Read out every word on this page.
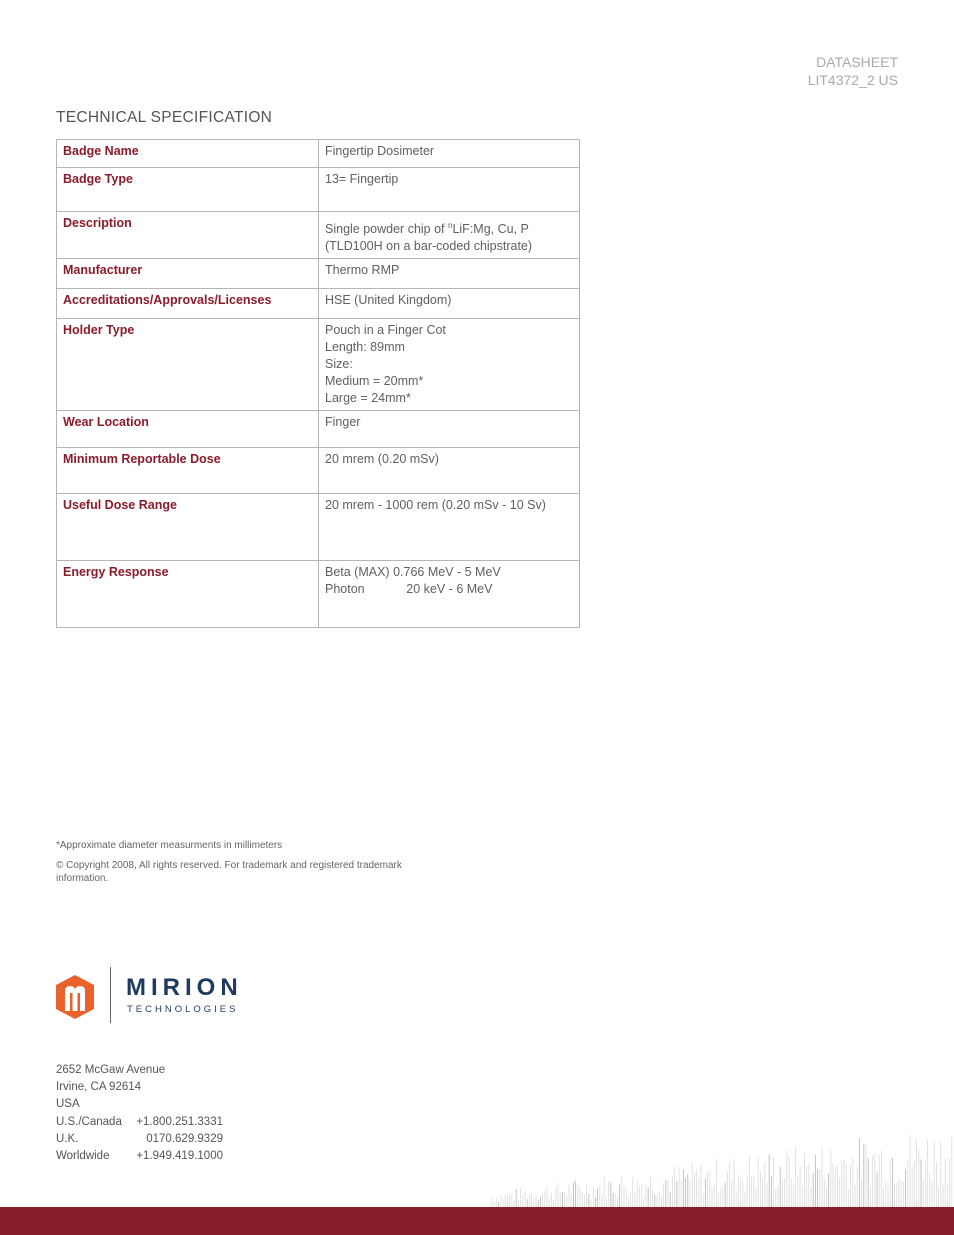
DATASHEET
LIT4372_2 US
TECHNICAL SPECIFICATION
Badge Name	Fingertip Dosimeter

Badge Type	13= Fingertip

Description	Single powder chip of $^n$LiF:Mg, Cu, P
(TLD100H on a bar-coded chipstrate)

Manufacturer	Thermo RMP

Accreditations/Approvals/Licenses	HSE (United Kingdom)

Holder Type	Pouch in a Finger Cot
Length: 89mm
Size:
Medium = 20mm*
Large = 24mm*

Wear Location	Finger

Minimum Reportable Dose	20 mrem (0.20 mSv)

Useful Dose Range	20 mrem - 1000 rem (0.20 mSv - 10 Sv)

Energy Response	Beta (MAX) 0.766 MeV - 5 MeV
Photon            20 keV - 6 MeV
*Approximate diameter measurments in millimeters
© Copyright 2008, All rights reserved. For trademark and registered trademark information.
MIRION
TECHNOLOGIES
2652 McGaw Avenue
Irvine, CA 92614
USA
U.S./Canada	+1.800.251.3331
U.K.	0170.629.9329
Worldwide	+1.949.419.1000
